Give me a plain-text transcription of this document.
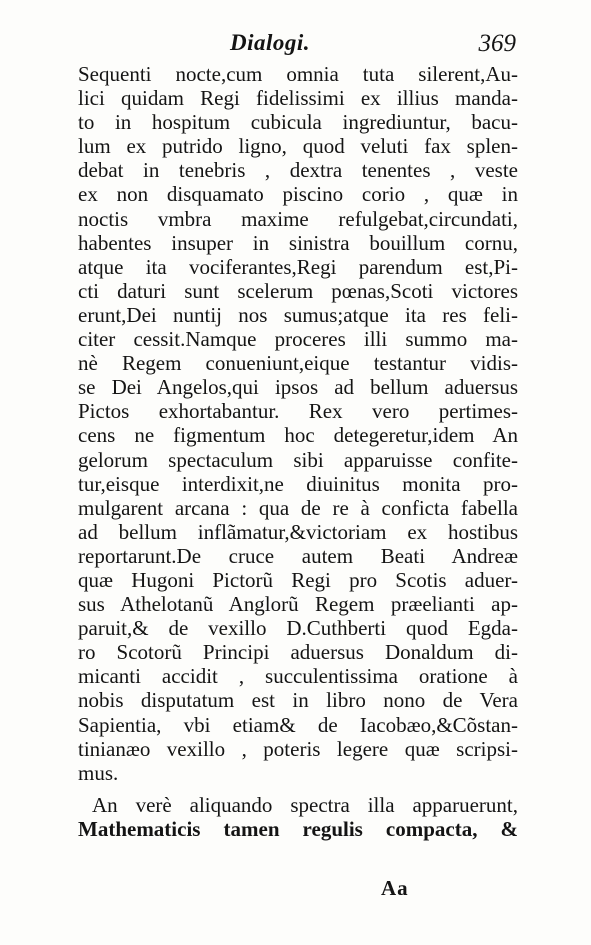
Dialogi.	369
Sequenti nocte,cum omnia tuta silerent,Au-
lici quidam Regi fidelissimi ex illius manda-
to in hospitum cubicula ingrediuntur, bacu-
lum ex putrido ligno, quod veluti fax splen-
debat in tenebris , dextra tenentes , veste
ex non disquamato piscino corio , quæ in
noctis vmbra maxime refulgebat,circundati,
habentes insuper in sinistra bouillum cornu,
atque ita vociferantes,Regi parendum est,Pi-
cti daturi sunt scelerum pœnas,Scoti victores
erunt,Dei nuntij nos sumus;atque ita res feli-
citer cessit.Namque proceres illi summo ma-
nè Regem conueniunt,eique testantur vidis-
se Dei Angelos,qui ipsos ad bellum aduersus
Pictos exhortabantur. Rex vero pertimes-
cens ne figmentum hoc detegeretur,idem An
gelorum spectaculum sibi apparuisse confite-
tur,eisque interdixit,ne diuinitus monita pro-
mulgarent arcana : qua de re à conficta fabella
ad bellum inflãmatur,&victoriam ex hostibus
reportarunt.De cruce autem Beati Andreæ
quæ Hugoni Pictorũ Regi pro Scotis aduer-
sus Athelotanũ Anglorũ Regem præelianti ap-
paruit,& de vexillo D.Cuthberti quod Egda-
ro Scotorũ Principi aduersus Donaldum di-
micanti accidit , succulentissima oratione à
nobis disputatum est in libro nono de Vera
Sapientia, vbi etiam& de Iacobæo,&Cõstan-
tinianæo vexillo , poteris legere quæ scripsi-
mus.
An verè aliquando spectra illa apparuerunt,
Mathematicis tamen regulis compacta, &
Aa
